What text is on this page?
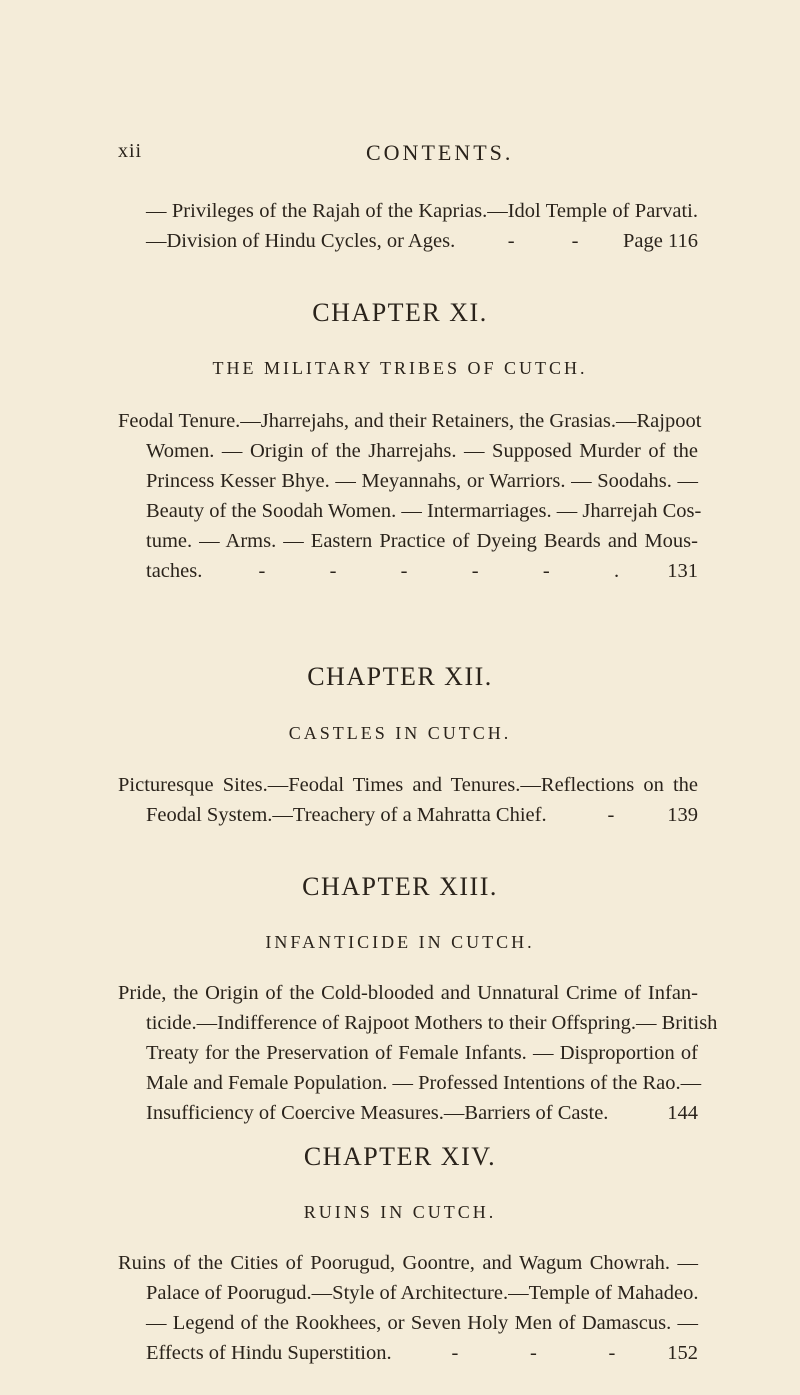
xii	CONTENTS.
— Privileges of the Rajah of the Kaprias.—Idol Temple of Parvati.
—Division of Hindu Cycles, or Ages.	-	- Page 116
CHAPTER XI.
THE MILITARY TRIBES OF CUTCH.
Feodal Tenure.—Jharrejahs, and their Retainers, the Grasias.—Rajpoot
Women. — Origin of the Jharrejahs. — Supposed Murder of the
Princess Kesser Bhye. — Meyannahs, or Warriors. — Soodahs. —
Beauty of the Soodah Women. — Intermarriages. — Jharrejah Cos-
tume. — Arms. — Eastern Practice of Dyeing Beards and Mous-
taches.	-	-	-	-	-	. 131
CHAPTER XII.
CASTLES IN CUTCH.
Picturesque Sites.—Feodal Times and Tenures.—Reflections on the
Feodal System.—Treachery of a Mahratta Chief.	-	139
CHAPTER XIII.
INFANTICIDE IN CUTCH.
Pride, the Origin of the Cold-blooded and Unnatural Crime of Infan-
ticide.—Indifference of Rajpoot Mothers to their Offspring.— British
Treaty for the Preservation of Female Infants. — Disproportion of
Male and Female Population. — Professed Intentions of the Rao.—
Insufficiency of Coercive Measures.—Barriers of Caste.	144
CHAPTER XIV.
RUINS IN CUTCH.
Ruins of the Cities of Poorugud, Goontre, and Wagum Chowrah. —
Palace of Poorugud.—Style of Architecture.—Temple of Mahadeo.
— Legend of the Rookhees, or Seven Holy Men of Damascus. —
Effects of Hindu Superstition.	-	-	-	152
